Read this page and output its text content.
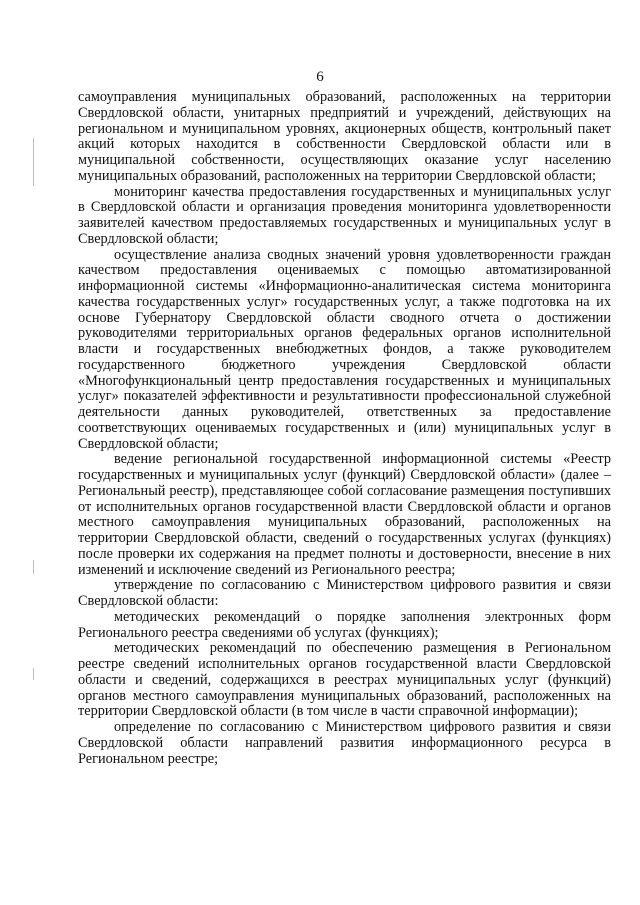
6

самоуправления муниципальных образований, расположенных на территории Свердловской области, унитарных предприятий и учреждений, действующих на региональном и муниципальном уровнях, акционерных обществ, контрольный пакет акций которых находится в собственности Свердловской области или в муниципальной собственности, осуществляющих оказание услуг населению муниципальных образований, расположенных на территории Свердловской области;

мониторинг качества предоставления государственных и муниципальных услуг в Свердловской области и организация проведения мониторинга удовлетворенности заявителей качеством предоставляемых государственных и муниципальных услуг в Свердловской области;

осуществление анализа сводных значений уровня удовлетворенности граждан качеством предоставления оцениваемых с помощью автоматизированной информационной системы «Информационно-аналитическая система мониторинга качества государственных услуг» государственных услуг, а также подготовка на их основе Губернатору Свердловской области сводного отчета о достижении руководителями территориальных органов федеральных органов исполнительной власти и государственных внебюджетных фондов, а также руководителем государственного бюджетного учреждения Свердловской области «Многофункциональный центр предоставления государственных и муниципальных услуг» показателей эффективности и результативности профессиональной служебной деятельности данных руководителей, ответственных за предоставление соответствующих оцениваемых государственных и (или) муниципальных услуг в Свердловской области;

ведение региональной государственной информационной системы «Реестр государственных и муниципальных услуг (функций) Свердловской области» (далее – Региональный реестр), представляющее собой согласование размещения поступивших от исполнительных органов государственной власти Свердловской области и органов местного самоуправления муниципальных образований, расположенных на территории Свердловской области, сведений о государственных услугах (функциях) после проверки их содержания на предмет полноты и достоверности, внесение в них изменений и исключение сведений из Регионального реестра;

утверждение по согласованию с Министерством цифрового развития и связи Свердловской области:

методических рекомендаций о порядке заполнения электронных форм Регионального реестра сведениями об услугах (функциях);

методических рекомендаций по обеспечению размещения в Региональном реестре сведений исполнительных органов государственной власти Свердловской области и сведений, содержащихся в реестрах муниципальных услуг (функций) органов местного самоуправления муниципальных образований, расположенных на территории Свердловской области (в том числе в части справочной информации);

определение по согласованию с Министерством цифрового развития и связи Свердловской области направлений развития информационного ресурса в Региональном реестре;
